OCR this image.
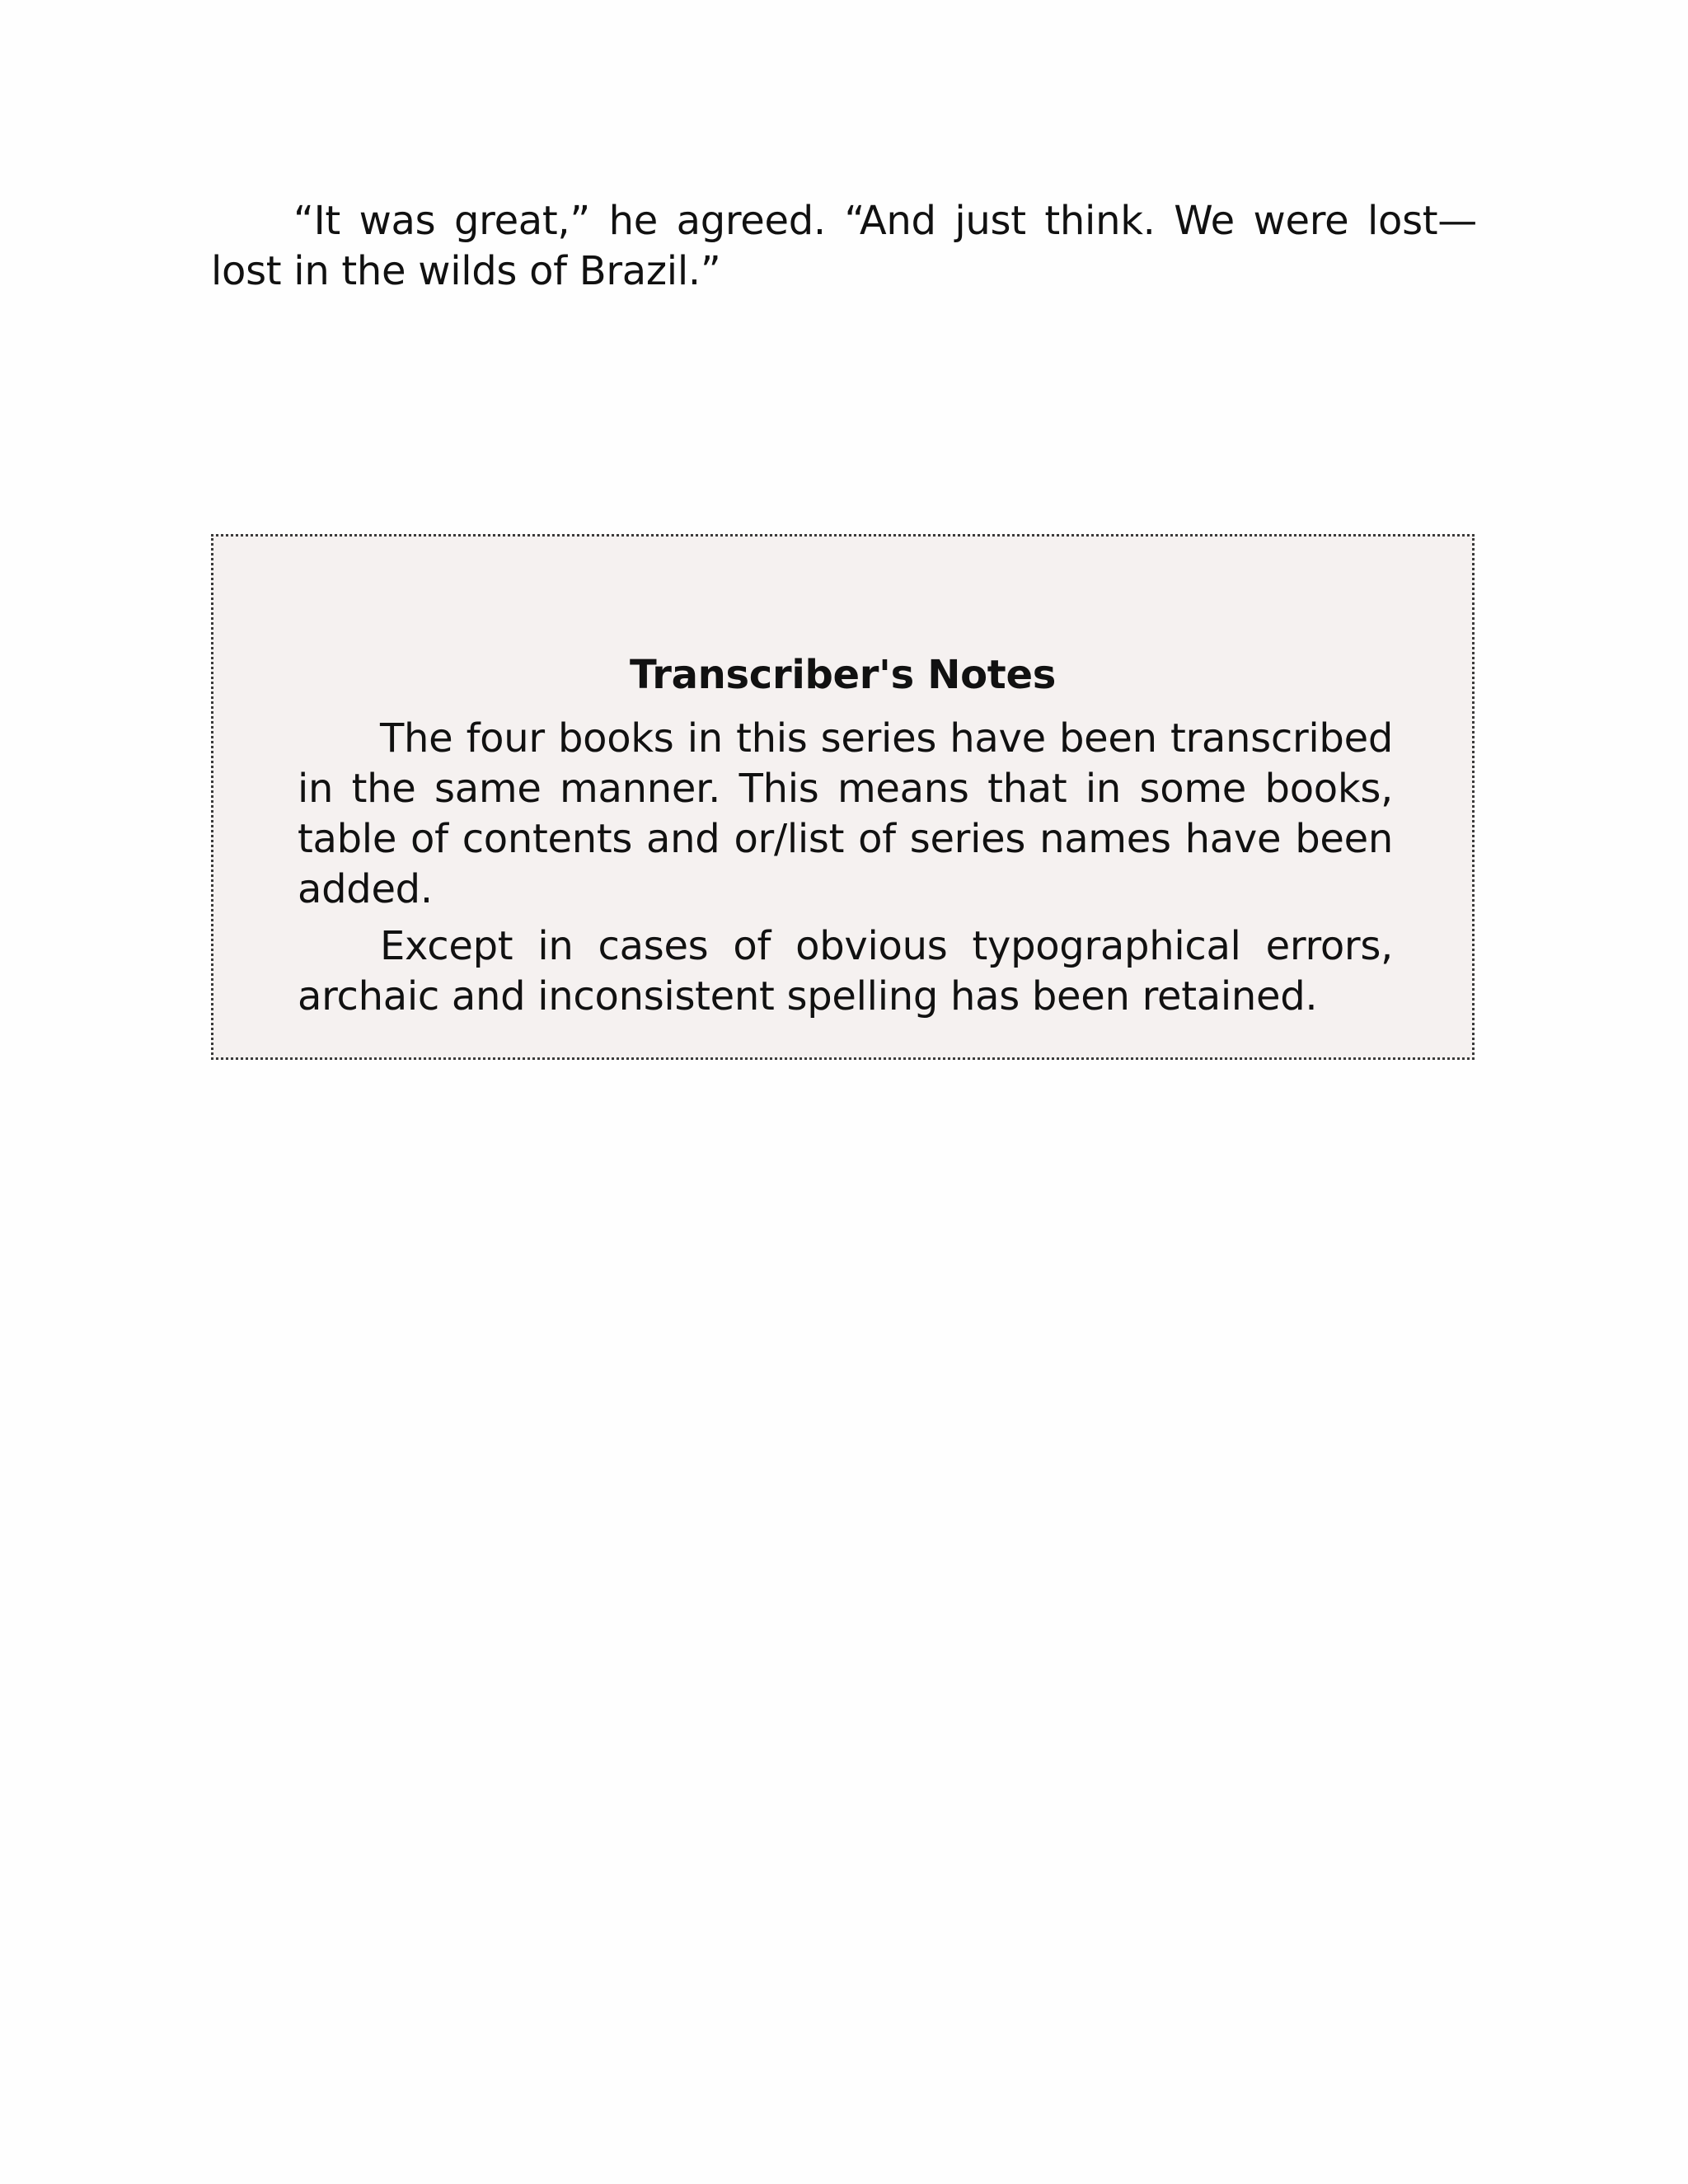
“It was great,” he agreed. “And just think. We were lost—lost in the wilds of Brazil.”

Transcriber's Notes

The four books in this series have been transcribed in the same manner. This means that in some books, table of contents and or/list of series names have been added.

Except in cases of obvious typographical errors, archaic and inconsistent spelling has been retained.
